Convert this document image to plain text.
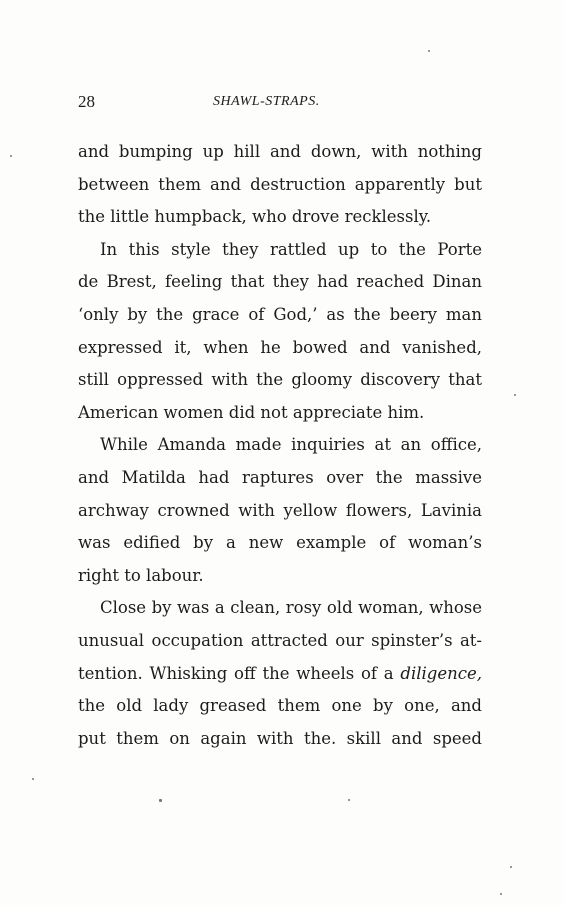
28	SHAWL-STRAPS.
and bumping up hill and down, with nothing
between them and destruction apparently but
the little humpback, who drove recklessly.
In this style they rattled up to the Porte
de Brest, feeling that they had reached Dinan
‘only by the grace of God,’ as the beery man
expressed it, when he bowed and vanished,
still oppressed with the gloomy discovery that
American women did not appreciate him.
While Amanda made inquiries at an office,
and Matilda had raptures over the massive
archway crowned with yellow flowers, Lavinia
was edified by a new example of woman’s
right to labour.
Close by was a clean, rosy old woman, whose
unusual occupation attracted our spinster’s at-
tention. Whisking off the wheels of a diligence,
the old lady greased them one by one, and
put them on again with the. skill and speed
